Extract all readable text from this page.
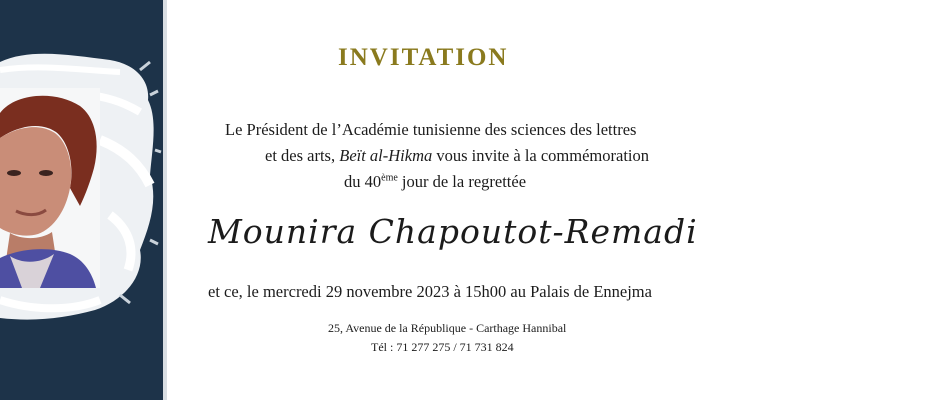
INVITATION
Le Président de l’Académie tunisienne des sciences des lettres
et des arts, Beït al-Hikma vous invite à la commémoration
du 40ème jour de la regrettée
Mounira Chapoutot-Remadi
et ce, le mercredi 29 novembre 2023 à 15h00 au Palais de Ennejma
25, Avenue de la République - Carthage Hannibal
Tél : 71 277 275 / 71 731 824
